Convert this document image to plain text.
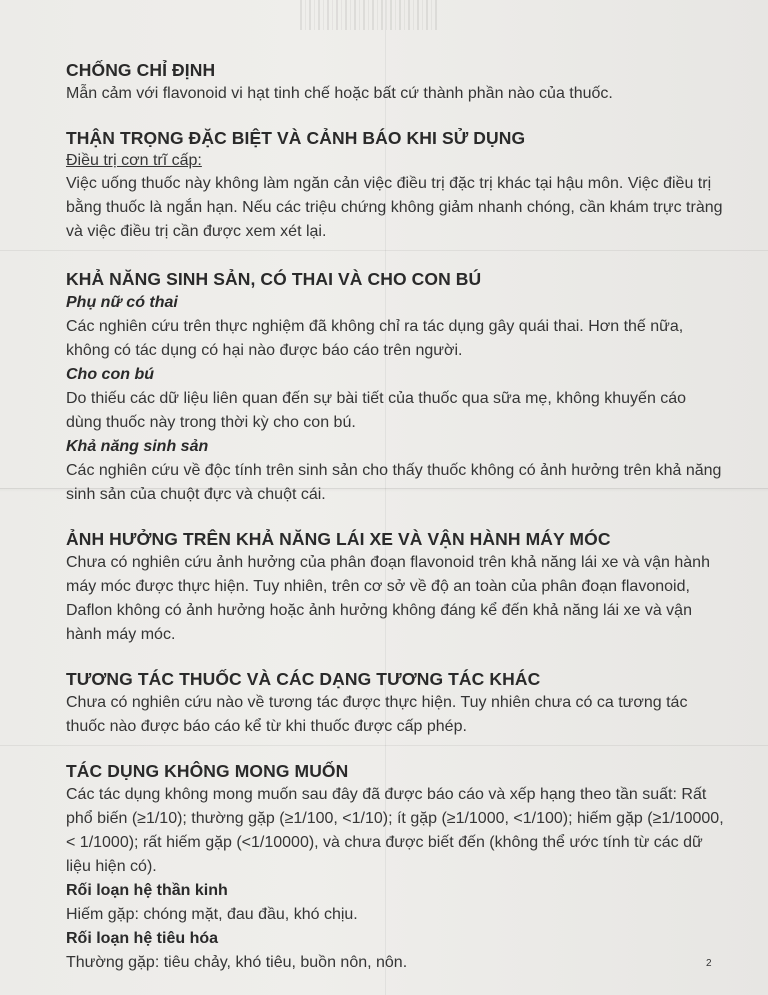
CHỐNG CHỈ ĐỊNH

Mẫn cảm với flavonoid vi hạt tinh chế hoặc bất cứ thành phần nào của thuốc.

THẬN TRỌNG ĐẶC BIỆT VÀ CẢNH BÁO KHI SỬ DỤNG
Điều trị cơn trĩ cấp:

Việc uống thuốc này không làm ngăn cản việc điều trị đặc trị khác tại hậu môn. Việc điều trị bằng thuốc là ngắn hạn. Nếu các triệu chứng không giảm nhanh chóng, cần khám trực tràng và việc điều trị cần được xem xét lại.

KHẢ NĂNG SINH SẢN, CÓ THAI VÀ CHO CON BÚ
Phụ nữ có thai

Các nghiên cứu trên thực nghiệm đã không chỉ ra tác dụng gây quái thai. Hơn thế nữa, không có tác dụng có hại nào được báo cáo trên người.

Cho con bú

Do thiếu các dữ liệu liên quan đến sự bài tiết của thuốc qua sữa mẹ, không khuyến cáo dùng thuốc này trong thời kỳ cho con bú.

Khả năng sinh sản

Các nghiên cứu về độc tính trên sinh sản cho thấy thuốc không có ảnh hưởng trên khả năng sinh sản của chuột đực và chuột cái.

ẢNH HƯỞNG TRÊN KHẢ NĂNG LÁI XE VÀ VẬN HÀNH MÁY MÓC

Chưa có nghiên cứu ảnh hưởng của phân đoạn flavonoid trên khả năng lái xe và vận hành máy móc được thực hiện. Tuy nhiên, trên cơ sở về độ an toàn của phân đoạn flavonoid, Daflon không có ảnh hưởng hoặc ảnh hưởng không đáng kể đến khả năng lái xe và vận hành máy móc.

TƯƠNG TÁC THUỐC VÀ CÁC DẠNG TƯƠNG TÁC KHÁC

Chưa có nghiên cứu nào về tương tác được thực hiện. Tuy nhiên chưa có ca tương tác thuốc nào được báo cáo kể từ khi thuốc được cấp phép.

TÁC DỤNG KHÔNG MONG MUỐN

Các tác dụng không mong muốn sau đây đã được báo cáo và xếp hạng theo tần suất: Rất phổ biến (≥1/10); thường gặp (≥1/100, <1/10); ít gặp (≥1/1000, <1/100); hiếm gặp (≥1/10000, < 1/1000); rất hiếm gặp (<1/10000), và chưa được biết đến (không thể ước tính từ các dữ liệu hiện có).

Rối loạn hệ thần kinh

Hiếm gặp: chóng mặt, đau đầu, khó chịu.

Rối loạn hệ tiêu hóa

Thường gặp: tiêu chảy, khó tiêu, buồn nôn, nôn.	2
